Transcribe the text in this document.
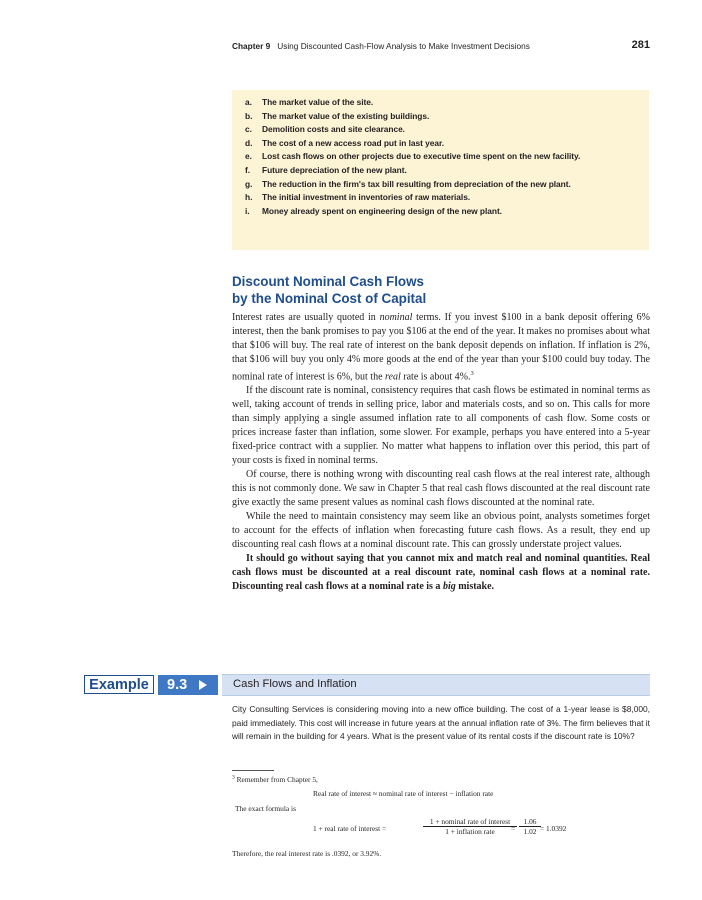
Chapter 9 Using Discounted Cash-Flow Analysis to Make Investment Decisions	281
a.	The market value of the site.
b.	The market value of the existing buildings.
c.	Demolition costs and site clearance.
d.	The cost of a new access road put in last year.
e.	Lost cash flows on other projects due to executive time spent on the new facility.
f.	Future depreciation of the new plant.
g.	The reduction in the firm's tax bill resulting from depreciation of the new plant.
h.	The initial investment in inventories of raw materials.
i.	Money already spent on engineering design of the new plant.
Discount Nominal Cash Flows
by the Nominal Cost of Capital

Interest rates are usually quoted in nominal terms. If you invest $100 in a bank deposit offering 6% interest, then the bank promises to pay you $106 at the end of the year. It makes no promises about what that $106 will buy. The real rate of interest on the bank deposit depends on inflation. If inflation is 2%, that $106 will buy you only 4% more goods at the end of the year than your $100 could buy today. The nominal rate of interest is 6%, but the real rate is about 4%.$^3$

If the discount rate is nominal, consistency requires that cash flows be estimated in nominal terms as well, taking account of trends in selling price, labor and materials costs, and so on. This calls for more than simply applying a single assumed inflation rate to all components of cash flow. Some costs or prices increase faster than inflation, some slower. For example, perhaps you have entered into a 5-year fixed-price contract with a supplier. No matter what happens to inflation over this period, this part of your costs is fixed in nominal terms.

Of course, there is nothing wrong with discounting real cash flows at the real interest rate, although this is not commonly done. We saw in Chapter 5 that real cash flows discounted at the real discount rate give exactly the same present values as nominal cash flows discounted at the nominal rate.

While the need to maintain consistency may seem like an obvious point, analysts sometimes forget to account for the effects of inflation when forecasting future cash flows. As a result, they end up discounting real cash flows at a nominal discount rate. This can grossly understate project values.

It should go without saying that you cannot mix and match real and nominal quantities. Real cash flows must be discounted at a real discount rate, nominal cash flows at a nominal rate. Discounting real cash flows at a nominal rate is a big mistake.

Example	9.3	Cash Flows and Inflation
City Consulting Services is considering moving into a new office building. The cost of a 1-year lease is $8,000, paid immediately. This cost will increase in future years at the annual inflation rate of 3%. The firm believes that it will remain in the building for 4 years. What is the present value of its rental costs if the discount rate is 10%?
$^3$ Remember from Chapter 5,
Real rate of interest ≈ nominal rate of interest − inflation rate
The exact formula is
1 + real rate of interest =
1 + nominal rate of interest
1 + inflation rate	=
1.06
1.02 = 1.0392
Therefore, the real interest rate is .0392, or 3.92%.
